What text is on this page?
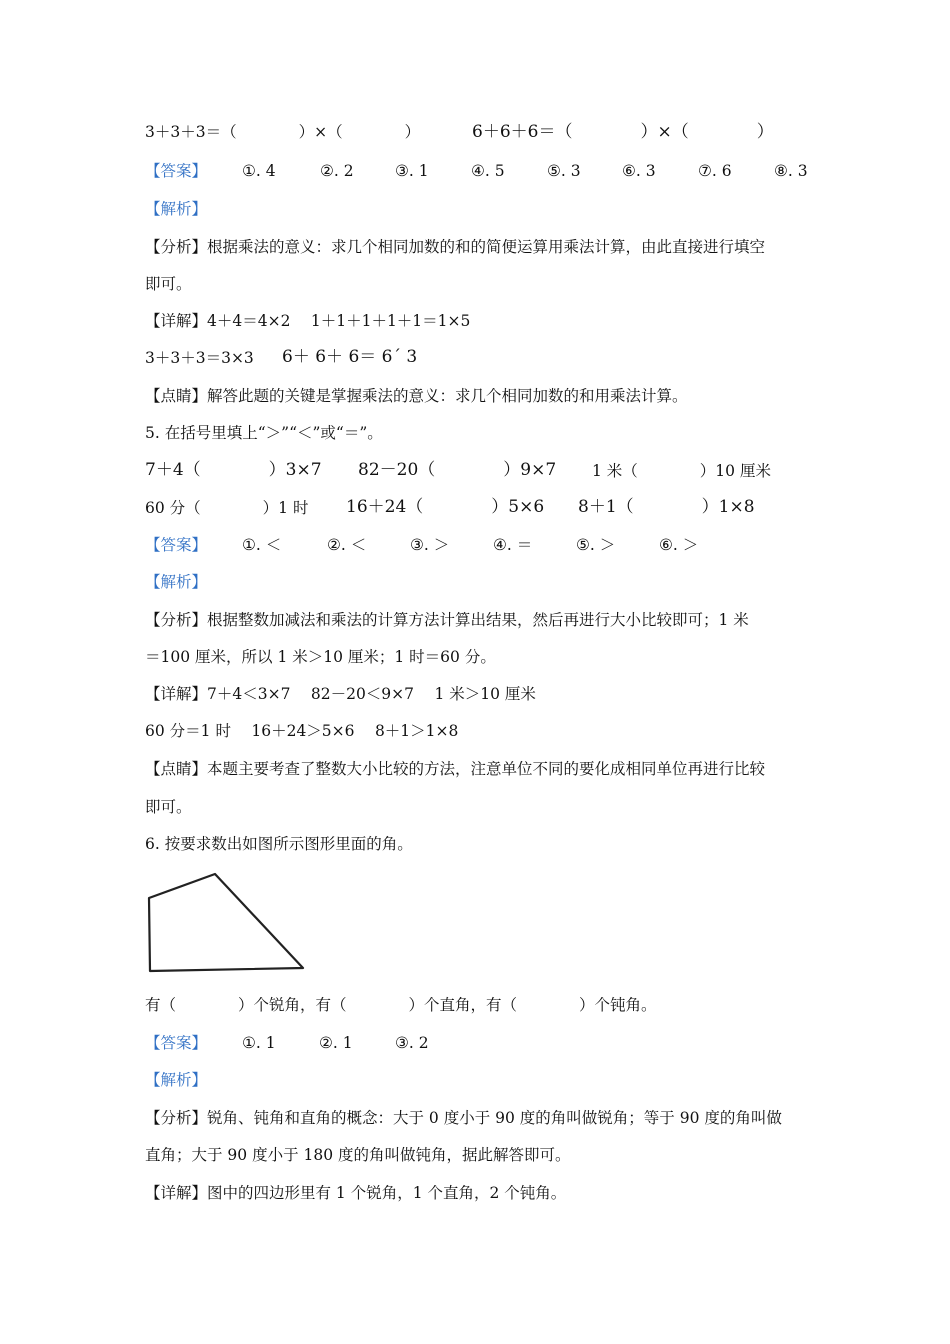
3＋3＋3＝（　　　　）×（　　　　）	6＋6＋6＝（　　　　）×（　　　　）
【答案】 ①. 4	②. 2	③. 1	④. 5	⑤. 3	⑥. 3	⑦. 6	⑧. 3
【解析】
【分析】根据乘法的意义：求几个相同加数的和的简便运算用乘法计算，由此直接进行填空
即可。
【详解】4＋4＝4×2　 1＋1＋1＋1＋1＝1×5
3＋3＋3＝3×3 6＋ 6＋ 6＝ 6´ 3
【点睛】解答此题的关键是掌握乘法的意义：求几个相同加数的和用乘法计算。
5. 在括号里填上“＞”“＜”或“＝”。
7＋4（　　　　）3×7 82－20（　　　　）9×7 1 米（　　　　）10 厘米
60 分（　　　　）1 时 16＋24（　　　　）5×6 8＋1（　　　　）1×8
【答案】 ①. ＜	②. ＜	③. ＞	④. ＝	⑤. ＞	⑥. ＞
【解析】
【分析】根据整数加减法和乘法的计算方法计算出结果，然后再进行大小比较即可；1 米
＝100 厘米，所以 1 米＞10 厘米；1 时＝60 分。
【详解】7＋4＜3×7　 82－20＜9×7　 1 米＞10 厘米
60 分＝1 时　 16＋24＞5×6　 8＋1＞1×8
【点睛】本题主要考查了整数大小比较的方法，注意单位不同的要化成相同单位再进行比较
即可。
6. 按要求数出如图所示图形里面的角。
有（　　　　）个锐角，有（　　　　）个直角，有（　　　　）个钝角。
【答案】 ①. 1	②. 1	③. 2
【解析】
【分析】锐角、钝角和直角的概念：大于 0 度小于 90 度的角叫做锐角；等于 90 度的角叫做
直角；大于 90 度小于 180 度的角叫做钝角，据此解答即可。
【详解】图中的四边形里有 1 个锐角，1 个直角，2 个钝角。
